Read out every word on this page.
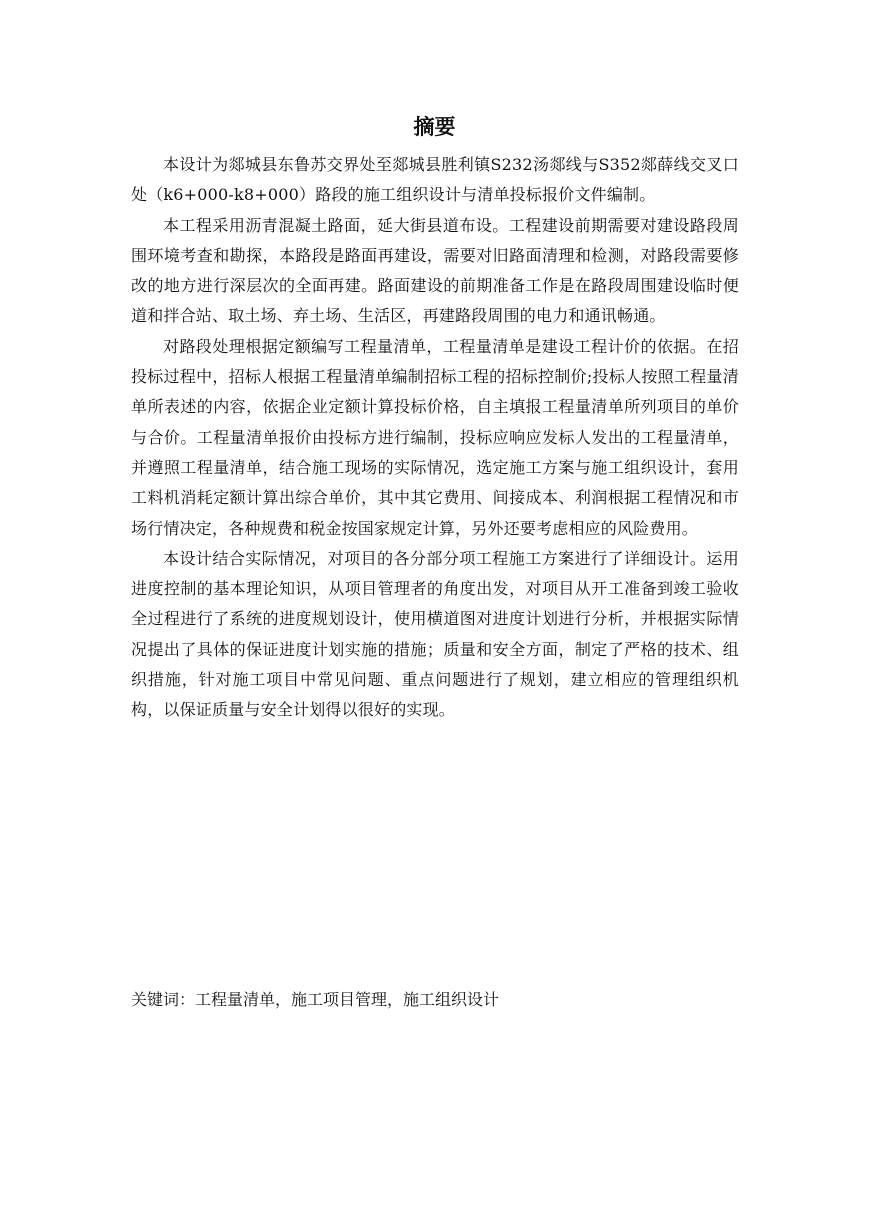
摘要

本设计为郯城县东鲁苏交界处至郯城县胜利镇S232汤郯线与S352郯薛线交叉口处（k6+000-k8+000）路段的施工组织设计与清单投标报价文件编制。

本工程采用沥青混凝土路面，延大街县道布设。工程建设前期需要对建设路段周围环境考查和勘探，本路段是路面再建设，需要对旧路面清理和检测，对路段需要修改的地方进行深层次的全面再建。路面建设的前期准备工作是在路段周围建设临时便道和拌合站、取土场、弃土场、生活区，再建路段周围的电力和通讯畅通。

对路段处理根据定额编写工程量清单，工程量清单是建设工程计价的依据。在招投标过程中，招标人根据工程量清单编制招标工程的招标控制价;投标人按照工程量清单所表述的内容，依据企业定额计算投标价格，自主填报工程量清单所列项目的单价与合价。工程量清单报价由投标方进行编制，投标应响应发标人发出的工程量清单，并遵照工程量清单，结合施工现场的实际情况，选定施工方案与施工组织设计，套用工料机消耗定额计算出综合单价，其中其它费用、间接成本、利润根据工程情况和市场行情决定，各种规费和税金按国家规定计算，另外还要考虑相应的风险费用。

本设计结合实际情况，对项目的各分部分项工程施工方案进行了详细设计。运用进度控制的基本理论知识，从项目管理者的角度出发，对项目从开工准备到竣工验收全过程进行了系统的进度规划设计，使用横道图对进度计划进行分析，并根据实际情况提出了具体的保证进度计划实施的措施；质量和安全方面，制定了严格的技术、组织措施，针对施工项目中常见问题、重点问题进行了规划，建立相应的管理组织机构，以保证质量与安全计划得以很好的实现。

关键词：工程量清单，施工项目管理，施工组织设计
